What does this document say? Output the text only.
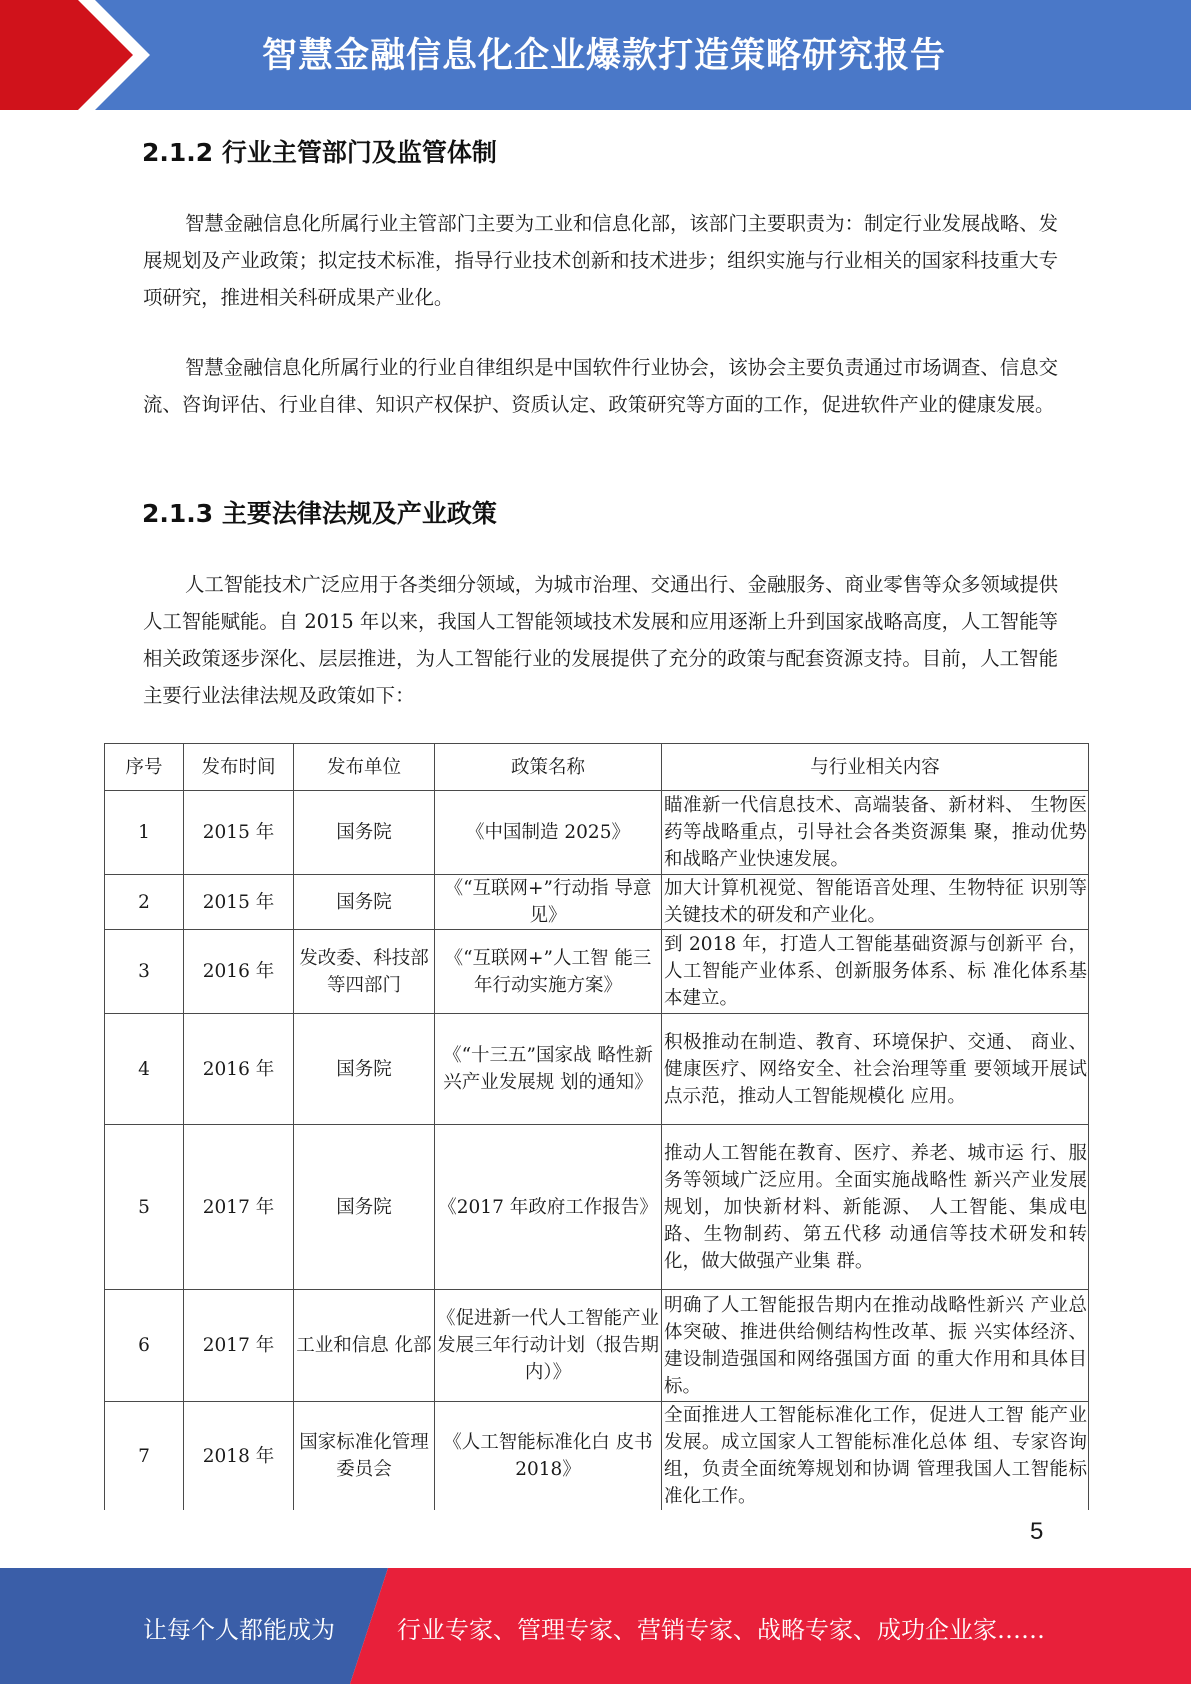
智慧金融信息化企业爆款打造策略研究报告
2.1.2 行业主管部门及监管体制
智慧金融信息化所属行业主管部门主要为工业和信息化部，该部门主要职责为：制定行业发展战略、发展规划及产业政策；拟定技术标准，指导行业技术创新和技术进步；组织实施与行业相关的国家科技重大专项研究，推进相关科研成果产业化。
智慧金融信息化所属行业的行业自律组织是中国软件行业协会，该协会主要负责通过市场调查、信息交流、咨询评估、行业自律、知识产权保护、资质认定、政策研究等方面的工作，促进软件产业的健康发展。
2.1.3 主要法律法规及产业政策
人工智能技术广泛应用于各类细分领域，为城市治理、交通出行、金融服务、商业零售等众多领域提供人工智能赋能。自 2015 年以来，我国人工智能领域技术发展和应用逐渐上升到国家战略高度，人工智能等相关政策逐步深化、层层推进，为人工智能行业的发展提供了充分的政策与配套资源支持。目前，人工智能主要行业法律法规及政策如下：
序号	发布时间	发布单位	政策名称	与行业相关内容
1	2015 年	国务院	《中国制造 2025》	瞄准新一代信息技术、高端装备、新材料、 生物医药等战略重点，引导社会各类资源集 聚，推动优势和战略产业快速发展。
2	2015 年	国务院	《“互联网+”行动指 导意见》	加大计算机视觉、智能语音处理、生物特征 识别等关键技术的研发和产业化。
3	2016 年	发改委、科技部等四部门	《“互联网+”人工智 能三年行动实施方案》	到 2018 年，打造人工智能基础资源与创新平 台，人工智能产业体系、创新服务体系、标 准化体系基本建立。
4	2016 年	国务院	《“十三五”国家战 略性新兴产业发展规 划的通知》	积极推动在制造、教育、环境保护、交通、 商业、健康医疗、网络安全、社会治理等重 要领域开展试点示范，推动人工智能规模化 应用。
5	2017 年	国务院	《2017 年政府工作报告》	推动人工智能在教育、医疗、养老、城市运 行、服务等领域广泛应用。全面实施战略性 新兴产业发展规划，加快新材料、新能源、 人工智能、集成电路、生物制药、第五代移 动通信等技术研发和转化，做大做强产业集 群。
6	2017 年	工业和信息 化部	《促进新一代人工智能产业发展三年行动计划（报告期内）》	明确了人工智能报告期内在推动战略性新兴 产业总体突破、推进供给侧结构性改革、振 兴实体经济、建设制造强国和网络强国方面 的重大作用和具体目标。
7	2018 年	国家标准化管理委员会	《人工智能标准化白 皮书 2018》	全面推进人工智能标准化工作，促进人工智 能产业发展。成立国家人工智能标准化总体 组、专家咨询组，负责全面统筹规划和协调 管理我国人工智能标准化工作。
5
让每个人都能成为	行业专家、管理专家、营销专家、战略专家、成功企业家……
